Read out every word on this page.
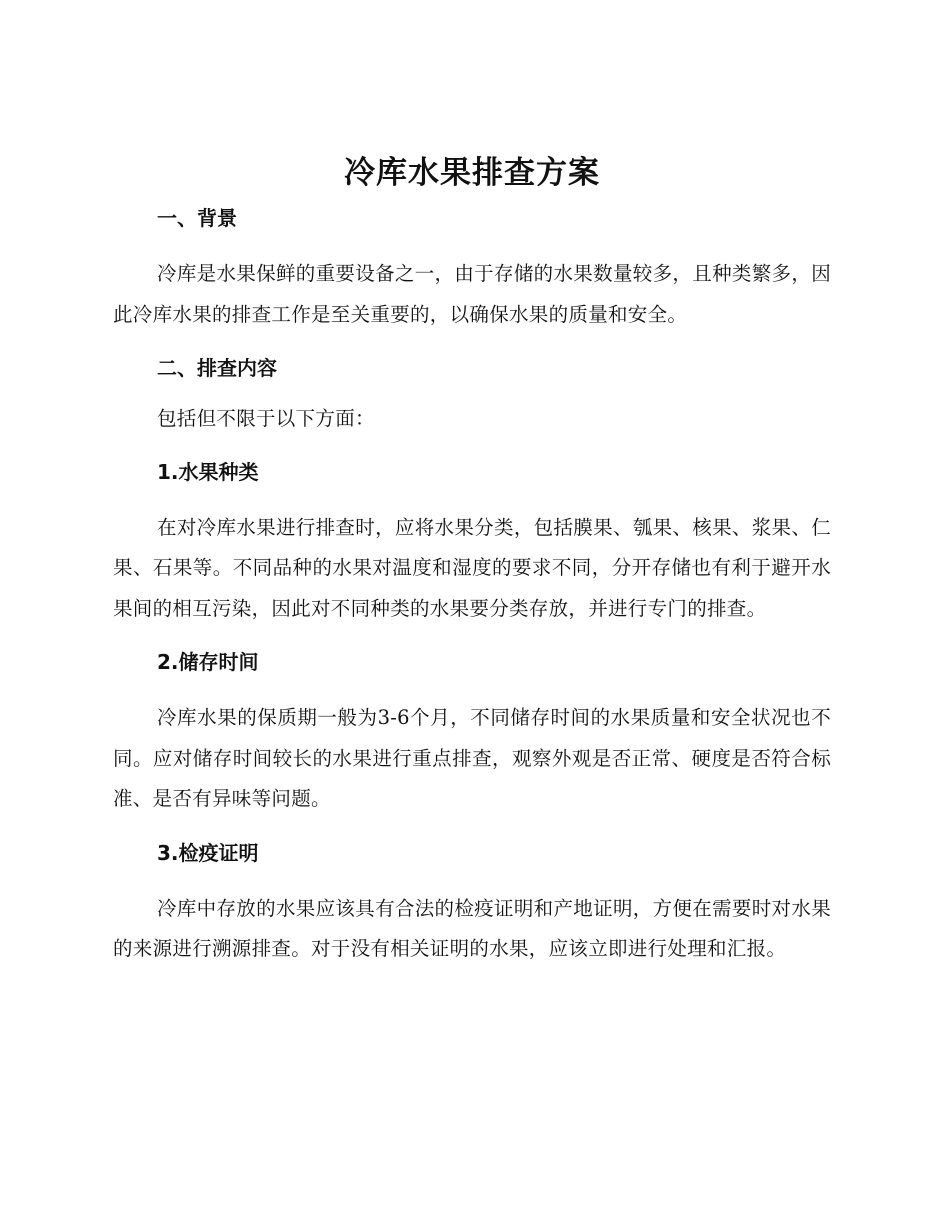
冷库水果排查方案
一、背景

冷库是水果保鲜的重要设备之一，由于存储的水果数量较多，且种类繁多，因此冷库水果的排查工作是至关重要的，以确保水果的质量和安全。

二、排查内容

包括但不限于以下方面：

1.水果种类

在对冷库水果进行排查时，应将水果分类，包括膜果、瓠果、核果、浆果、仁果、石果等。不同品种的水果对温度和湿度的要求不同，分开存储也有利于避开水果间的相互污染，因此对不同种类的水果要分类存放，并进行专门的排查。

2.储存时间

冷库水果的保质期一般为3-6个月，不同储存时间的水果质量和安全状况也不同。应对储存时间较长的水果进行重点排查，观察外观是否正常、硬度是否符合标准、是否有异味等问题。

3.检疫证明

冷库中存放的水果应该具有合法的检疫证明和产地证明，方便在需要时对水果的来源进行溯源排查。对于没有相关证明的水果，应该立即进行处理和汇报。
